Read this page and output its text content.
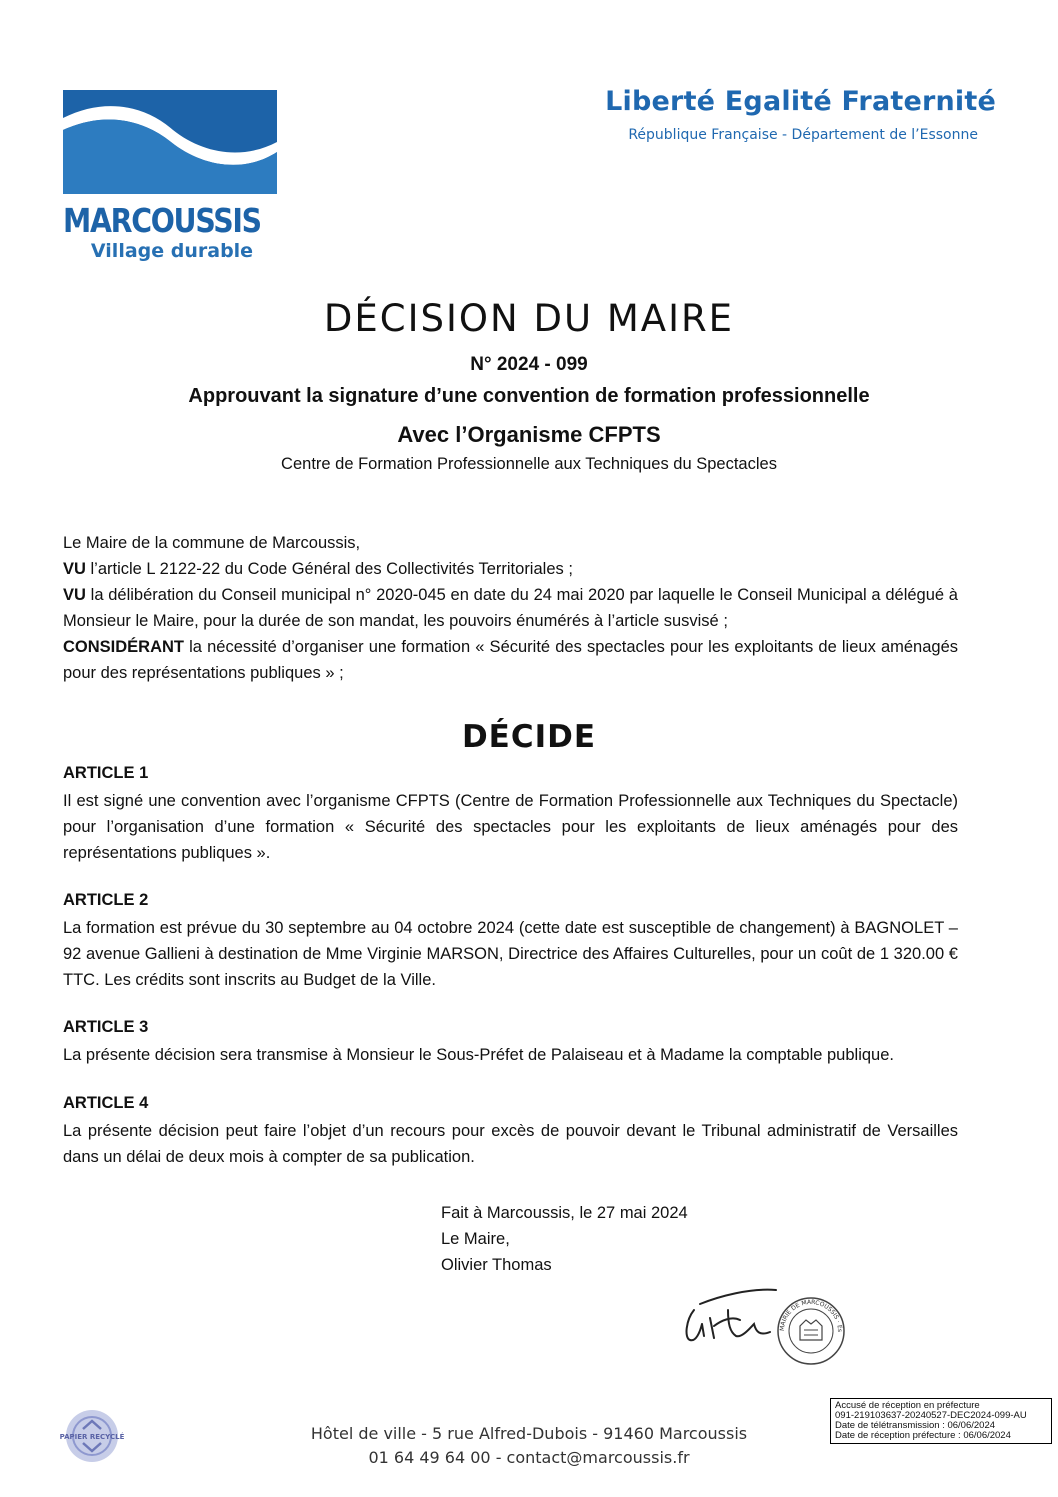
MARCOUSSIS
Village durable
Liberté Egalité Fraternité
République Française - Département de l’Essonne
DÉCISION DU MAIRE
N° 2024 - 099
Approuvant la signature d’une convention de formation professionnelle
Avec l’Organisme CFPTS
Centre de Formation Professionnelle aux Techniques du Spectacles
Le Maire de la commune de Marcoussis,
VU l’article L 2122-22 du Code Général des Collectivités Territoriales ;
VU la délibération du Conseil municipal n° 2020-045 en date du 24 mai 2020 par laquelle le Conseil Municipal a délégué à Monsieur le Maire, pour la durée de son mandat, les pouvoirs énumérés à l’article susvisé ;
CONSIDÉRANT la nécessité d’organiser une formation « Sécurité des spectacles pour les exploitants de lieux aménagés pour des représentations publiques » ;
DÉCIDE
ARTICLE 1
Il est signé une convention avec l’organisme CFPTS (Centre de Formation Professionnelle aux Techniques du Spectacle) pour l’organisation d’une formation « Sécurité des spectacles pour les exploitants de lieux aménagés pour des représentations publiques ».
ARTICLE 2
La formation est prévue du 30 septembre au 04 octobre 2024 (cette date est susceptible de changement) à BAGNOLET – 92 avenue Gallieni à destination de Mme Virginie MARSON, Directrice des Affaires Culturelles, pour un coût de 1 320.00 € TTC. Les crédits sont inscrits au Budget de la Ville.
ARTICLE 3
La présente décision sera transmise à Monsieur le Sous-Préfet de Palaiseau et à Madame la comptable publique.
ARTICLE 4
La présente décision peut faire l’objet d’un recours pour excès de pouvoir devant le Tribunal administratif de Versailles dans un délai de deux mois à compter de sa publication.
Fait à Marcoussis, le 27 mai 2024
Le Maire,
Olivier Thomas
MAIRIE DE MARCOUSSIS · Es
PAPIER RECYCLÉ	Hôtel de ville - 5 rue Alfred-Dubois - 91460 Marcoussis
01 64 49 64 00 - contact@marcoussis.fr
Accusé de réception en préfecture
091-219103637-20240527-DEC2024-099-AU
Date de télétransmission : 06/06/2024
Date de réception préfecture : 06/06/2024
